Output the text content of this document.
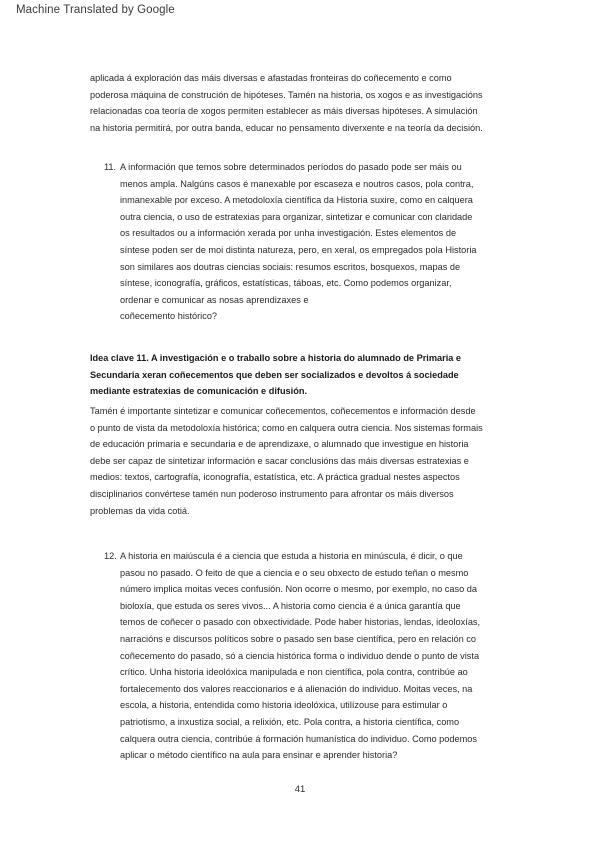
Machine Translated by Google
aplicada á exploración das máis diversas e afastadas fronteiras do coñecemento e como
poderosa máquina de construción de hipóteses. Tamén na historia, os xogos e as investigacións
relacionadas coa teoría de xogos permiten establecer as máis diversas hipóteses. A simulación
na historia permitirá, por outra banda, educar no pensamento diverxente e na teoría da decisión.
11. A información que temos sobre determinados períodos do pasado pode ser máis ou
menos ampla. Nalgúns casos é manexable por escaseza e noutros casos, pola contra,
inmanexable por exceso. A metodoloxía científica da Historia suxire, como en calquera
outra ciencia, o uso de estratexias para organizar, sintetizar e comunicar con claridade
os resultados ou a información xerada por unha investigación. Estes elementos de
síntese poden ser de moi distinta natureza, pero, en xeral, os empregados pola Historia
son similares aos doutras ciencias sociais: resumos escritos, bosquexos, mapas de
síntese, iconografía, gráficos, estatísticas, táboas, etc. Como podemos organizar,
ordenar e comunicar as nosas aprendizaxes e
coñecemento histórico?
Idea clave 11. A investigación e o traballo sobre a historia do alumnado de Primaria e
Secundaria xeran coñecementos que deben ser socializados e devoltos á sociedade
mediante estratexias de comunicación e difusión.
Tamén é importante sintetizar e comunicar coñecementos, coñecementos e información desde
o punto de vista da metodoloxía histórica; como en calquera outra ciencia. Nos sistemas formais
de educación primaria e secundaria e de aprendizaxe, o alumnado que investigue en historia
debe ser capaz de sintetizar información e sacar conclusións das máis diversas estratexias e
medios: textos, cartografía, iconografía, estatística, etc. A práctica gradual nestes aspectos
disciplinarios convértese tamén nun poderoso instrumento para afrontar os máis diversos
problemas da vida cotiá.
12. A historia en maiúscula é a ciencia que estuda a historia en minúscula, é dicir, o que
pasou no pasado. O feito de que a ciencia e o seu obxecto de estudo teñan o mesmo
número implica moitas veces confusión. Non ocorre o mesmo, por exemplo, no caso da
bioloxía, que estuda os seres vivos... A historia como ciencia é a única garantía que
temos de coñecer o pasado con obxectividade. Pode haber historias, lendas, ideoloxías,
narracións e discursos políticos sobre o pasado sen base científica, pero en relación co
coñecemento do pasado, só a ciencia histórica forma o individuo dende o punto de vista
crítico. Unha historia ideolóxica manipulada e non científica, pola contra, contribúe ao
fortalecemento dos valores reaccionarios e á alienación do individuo. Moitas veces, na
escola, a historia, entendida como historia ideolóxica, utilízouse para estimular o
patriotismo, a inxustiza social, a relixión, etc. Pola contra, a historia científica, como
calquera outra ciencia, contribúe á formación humanística do individuo. Como podemos
aplicar o método científico na aula para ensinar e aprender historia?
41
